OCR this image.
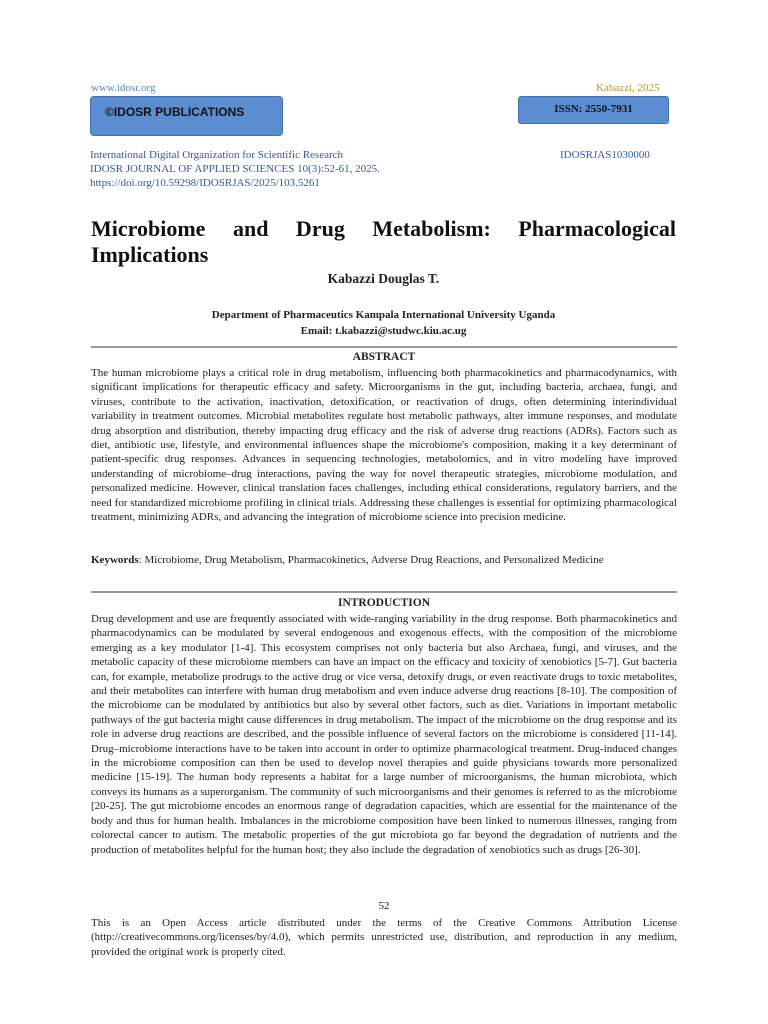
www.idosr.org	Kabazzi, 2025
©IDOSR PUBLICATIONS	ISSN: 2550-7931
International Digital Organization for Scientific Research	IDOSRJAS1030000
IDOSR JOURNAL OF APPLIED SCIENCES 10(3):52-61, 2025.
https://doi.org/10.59298/IDOSRJAS/2025/103.5261
Microbiome and Drug Metabolism: Pharmacological Implications
Kabazzi Douglas T.
Department of Pharmaceutics Kampala International University Uganda
Email: t.kabazzi@studwc.kiu.ac.ug
ABSTRACT
The human microbiome plays a critical role in drug metabolism, influencing both pharmacokinetics and pharmacodynamics, with significant implications for therapeutic efficacy and safety. Microorganisms in the gut, including bacteria, archaea, fungi, and viruses, contribute to the activation, inactivation, detoxification, or reactivation of drugs, often determining interindividual variability in treatment outcomes. Microbial metabolites regulate host metabolic pathways, alter immune responses, and modulate drug absorption and distribution, thereby impacting drug efficacy and the risk of adverse drug reactions (ADRs). Factors such as diet, antibiotic use, lifestyle, and environmental influences shape the microbiome's composition, making it a key determinant of patient-specific drug responses. Advances in sequencing technologies, metabolomics, and in vitro modeling have improved understanding of microbiome–drug interactions, paving the way for novel therapeutic strategies, microbiome modulation, and personalized medicine. However, clinical translation faces challenges, including ethical considerations, regulatory barriers, and the need for standardized microbiome profiling in clinical trials. Addressing these challenges is essential for optimizing pharmacological treatment, minimizing ADRs, and advancing the integration of microbiome science into precision medicine.
Keywords: Microbiome, Drug Metabolism, Pharmacokinetics, Adverse Drug Reactions, and Personalized Medicine
INTRODUCTION
Drug development and use are frequently associated with wide-ranging variability in the drug response. Both pharmacokinetics and pharmacodynamics can be modulated by several endogenous and exogenous effects, with the composition of the microbiome emerging as a key modulator [1-4]. This ecosystem comprises not only bacteria but also Archaea, fungi, and viruses, and the metabolic capacity of these microbiome members can have an impact on the efficacy and toxicity of xenobiotics [5-7]. Gut bacteria can, for example, metabolize prodrugs to the active drug or vice versa, detoxify drugs, or even reactivate drugs to toxic metabolites, and their metabolites can interfere with human drug metabolism and even induce adverse drug reactions [8-10]. The composition of the microbiome can be modulated by antibiotics but also by several other factors, such as diet. Variations in important metabolic pathways of the gut bacteria might cause differences in drug metabolism. The impact of the microbiome on the drug response and its role in adverse drug reactions are described, and the possible influence of several factors on the microbiome is considered [11-14]. Drug–microbiome interactions have to be taken into account in order to optimize pharmacological treatment. Drug-induced changes in the microbiome composition can then be used to develop novel therapies and guide physicians towards more personalized medicine [15-19]. The human body represents a habitat for a large number of microorganisms, the human microbiota, which conveys its humans as a superorganism. The community of such microorganisms and their genomes is referred to as the microbiome [20-25]. The gut microbiome encodes an enormous range of degradation capacities, which are essential for the maintenance of the body and thus for human health. Imbalances in the microbiome composition have been linked to numerous illnesses, ranging from colorectal cancer to autism. The metabolic properties of the gut microbiota go far beyond the degradation of nutrients and the production of metabolites helpful for the human host; they also include the degradation of xenobiotics such as drugs [26-30].
52
This is an Open Access article distributed under the terms of the Creative Commons Attribution License (http://creativecommons.org/licenses/by/4.0), which permits unrestricted use, distribution, and reproduction in any medium, provided the original work is properly cited.
